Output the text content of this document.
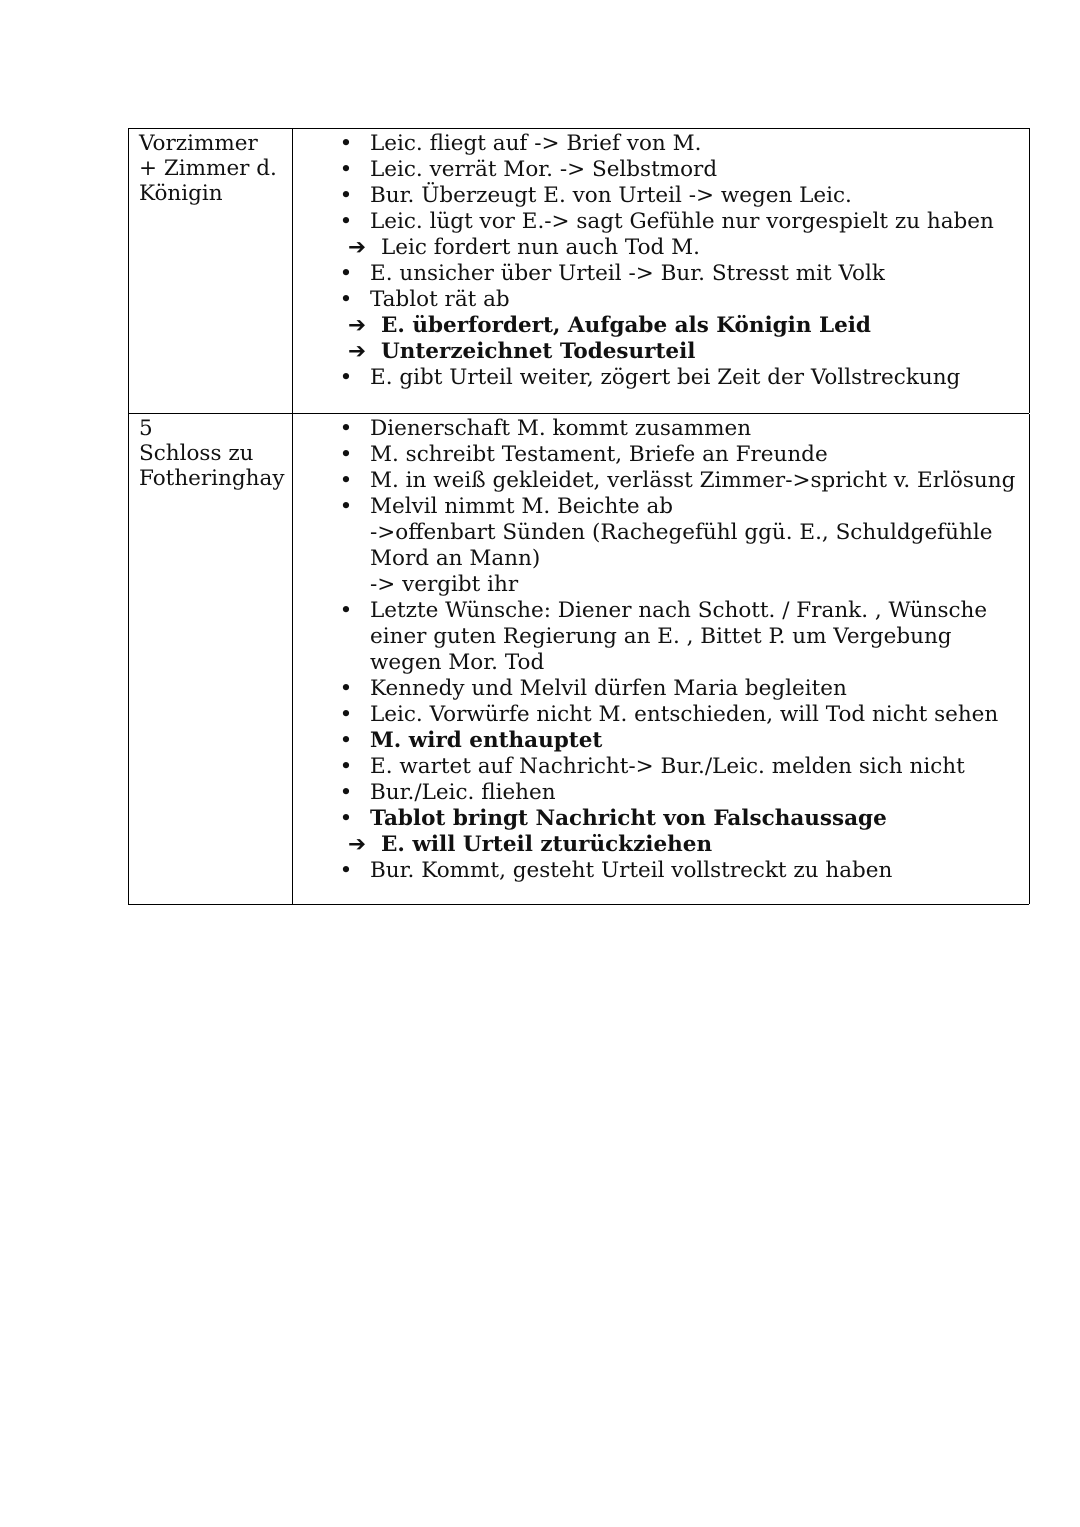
Vorzimmer
+ Zimmer d.
Königin
• Leic. fliegt auf -> Brief von M.
• Leic. verrät Mor. -> Selbstmord
• Bur. Überzeugt E. von Urteil -> wegen Leic.
• Leic. lügt vor E.-> sagt Gefühle nur vorgespielt zu haben
➔ Leic fordert nun auch Tod M.
• E. unsicher über Urteil -> Bur. Stresst mit Volk
• Tablot rät ab
➔ E. überfordert, Aufgabe als Königin Leid
➔ Unterzeichnet Todesurteil
• E. gibt Urteil weiter, zögert bei Zeit der Vollstreckung
5
Schloss zu
Fotheringhay
• Dienerschaft M. kommt zusammen
• M. schreibt Testament, Briefe an Freunde
• M. in weiß gekleidet, verlässt Zimmer->spricht v. Erlösung
• Melvil nimmt M. Beichte ab
->offenbart Sünden (Rachegefühl ggü. E., Schuldgefühle
Mord an Mann)
-> vergibt ihr
• Letzte Wünsche: Diener nach Schott. / Frank. , Wünsche
einer guten Regierung an E. , Bittet P. um Vergebung
wegen Mor. Tod
• Kennedy und Melvil dürfen Maria begleiten
• Leic. Vorwürfe nicht M. entschieden, will Tod nicht sehen
• M. wird enthauptet
• E. wartet auf Nachricht-> Bur./Leic. melden sich nicht
• Bur./Leic. fliehen
• Tablot bringt Nachricht von Falschaussage
➔ E. will Urteil zturückziehen
• Bur. Kommt, gesteht Urteil vollstreckt zu haben
